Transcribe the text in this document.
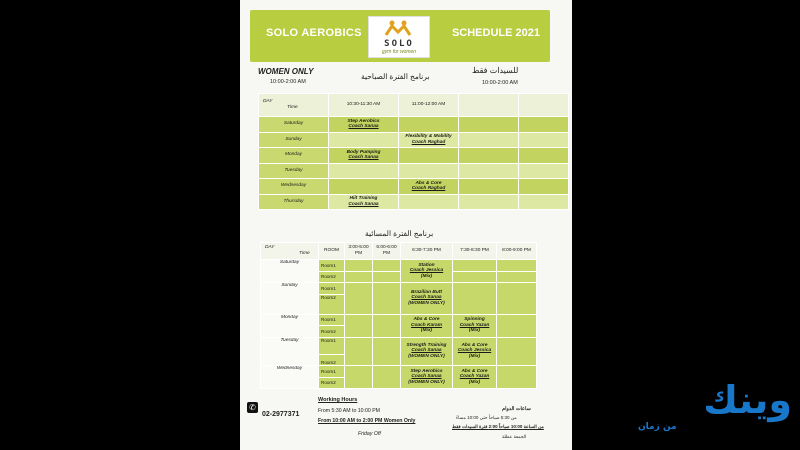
SOLO AEROBICS
SOLO
gym for women
SCHEDULE 2021
WOMEN ONLY
10:00-2:00 AM
برنامج الفترة الصباحية
للسيدات فقط
10:00-2:00 AM
DAY
Time	10:30-11:30 AM	11:00-12:00 AM		
Saturday	Step Aerobics
Coach Sanaa			

Sunday		Flexibility & Mobility
Coach Raghad		

Monday	Body Pumping
Coach Sanaa			

Tuesday				
Wednesday		Abs & Core
Coach Raghad		

Thursday	Hiit Training
Coach Sanaa			

برنامج الفترة المسائية
DAY
Time	ROOM	3:00-5:00 PM	5:00-6:00 PM	6:30-7:30 PM	7:30-8:30 PM	8:00-9:00 PM
Saturday	Room1			Station
Coach Jessica
(Mix)		

	Room2					
Sunday	Room1			Brazilian Butt
Coach Sanaa
(WOMEN ONLY)		

	Room2					
Monday	Room1			Abs & Core
Coach Karam
(Mix)	Spinning
Coach Yazan
(Mix)	

	Room2					
Tuesday	Room1			Strength Training
Coach Sanaa
(WOMEN ONLY)	Abs & Core
Coach Jessica
(Mix)	

	Room2					
Wednesday	Room1			Step Aerobics
Coach Sanaa
(WOMEN ONLY)	Abs & Core
Coach Yazan
(Mix)	

	Room2					
✆
02-2977371
Working Hours
From 5:30 AM to 10:00 PM
From 10:00 AM to 2:00 PM Women Only
Friday Off
ساعات الدوام
من 5:30 صباحاً حتى 10:00 مساءً
من الساعة 10:00 صباحاً 2:00 فترة السيدات فقط
الجمعة عطلة
وينك
من زمان
